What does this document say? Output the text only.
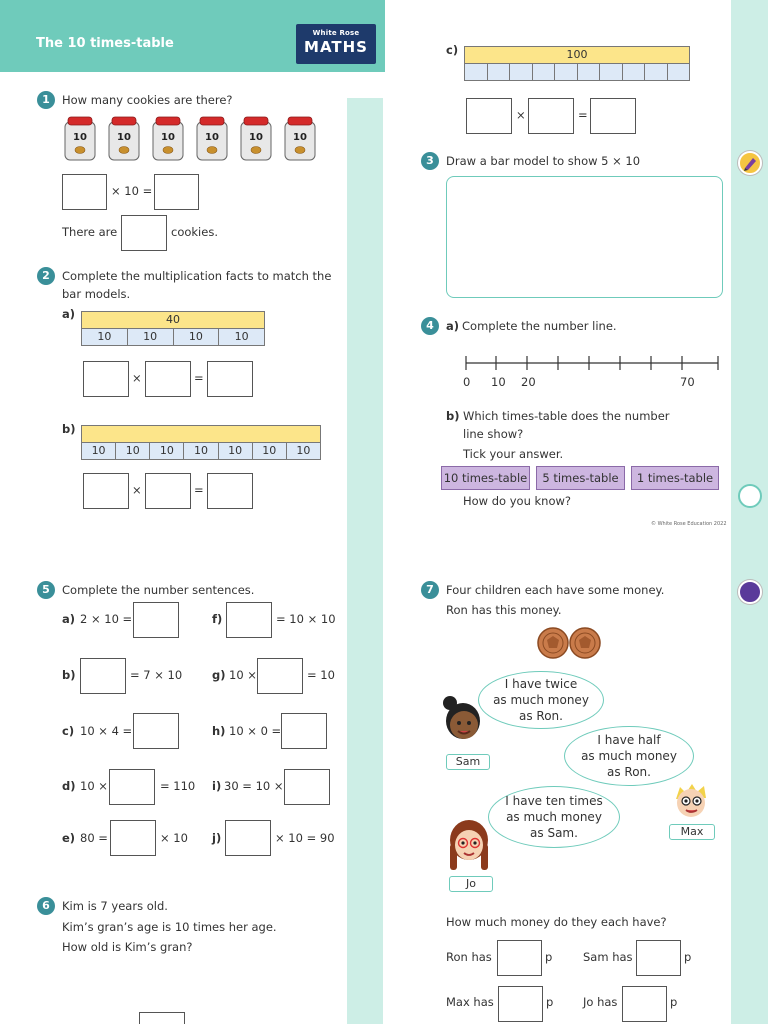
The 10 times-table
White Rose
MATHS
1	How many cookies are there?
10	10	10	10	10	10
× 10 =
There are	cookies.
2	Complete the multiplication facts to match the
bar models.
a)	40
10	10	10	10
×	=
b)
10	10	10	10	10	10	10
×	=
c)	100

×	=
3	Draw a bar model to show 5 × 10
4	a) Complete the number line.
0 10 20	70
b) Which times-table does the number
line show?
Tick your answer.
10 times-table	5 times-table	1 times-table
How do you know?
© White Rose Education 2022
5	Complete the number sentences.
a) 2 × 10 =
b)	= 7 × 10
c) 10 × 4 =
d) 10 ×	= 110
e) 80 =	× 10
f)	= 10 × 10
g) 10 ×	= 10
h) 10 × 0 =
i) 30 = 10 ×
j)	× 10 = 90
6	Kim is 7 years old.
Kim’s gran’s age is 10 times her age.
How old is Kim’s gran?
7	Four children each have some money.
Ron has this money.
I have twice
as much money
as Ron.
I have half
as much money
as Ron.
I have ten times
as much money
as Sam.
Sam
Max
Jo
How much money do they each have?
Ron has	p	Sam has	p
Max has	p	Jo has	p
